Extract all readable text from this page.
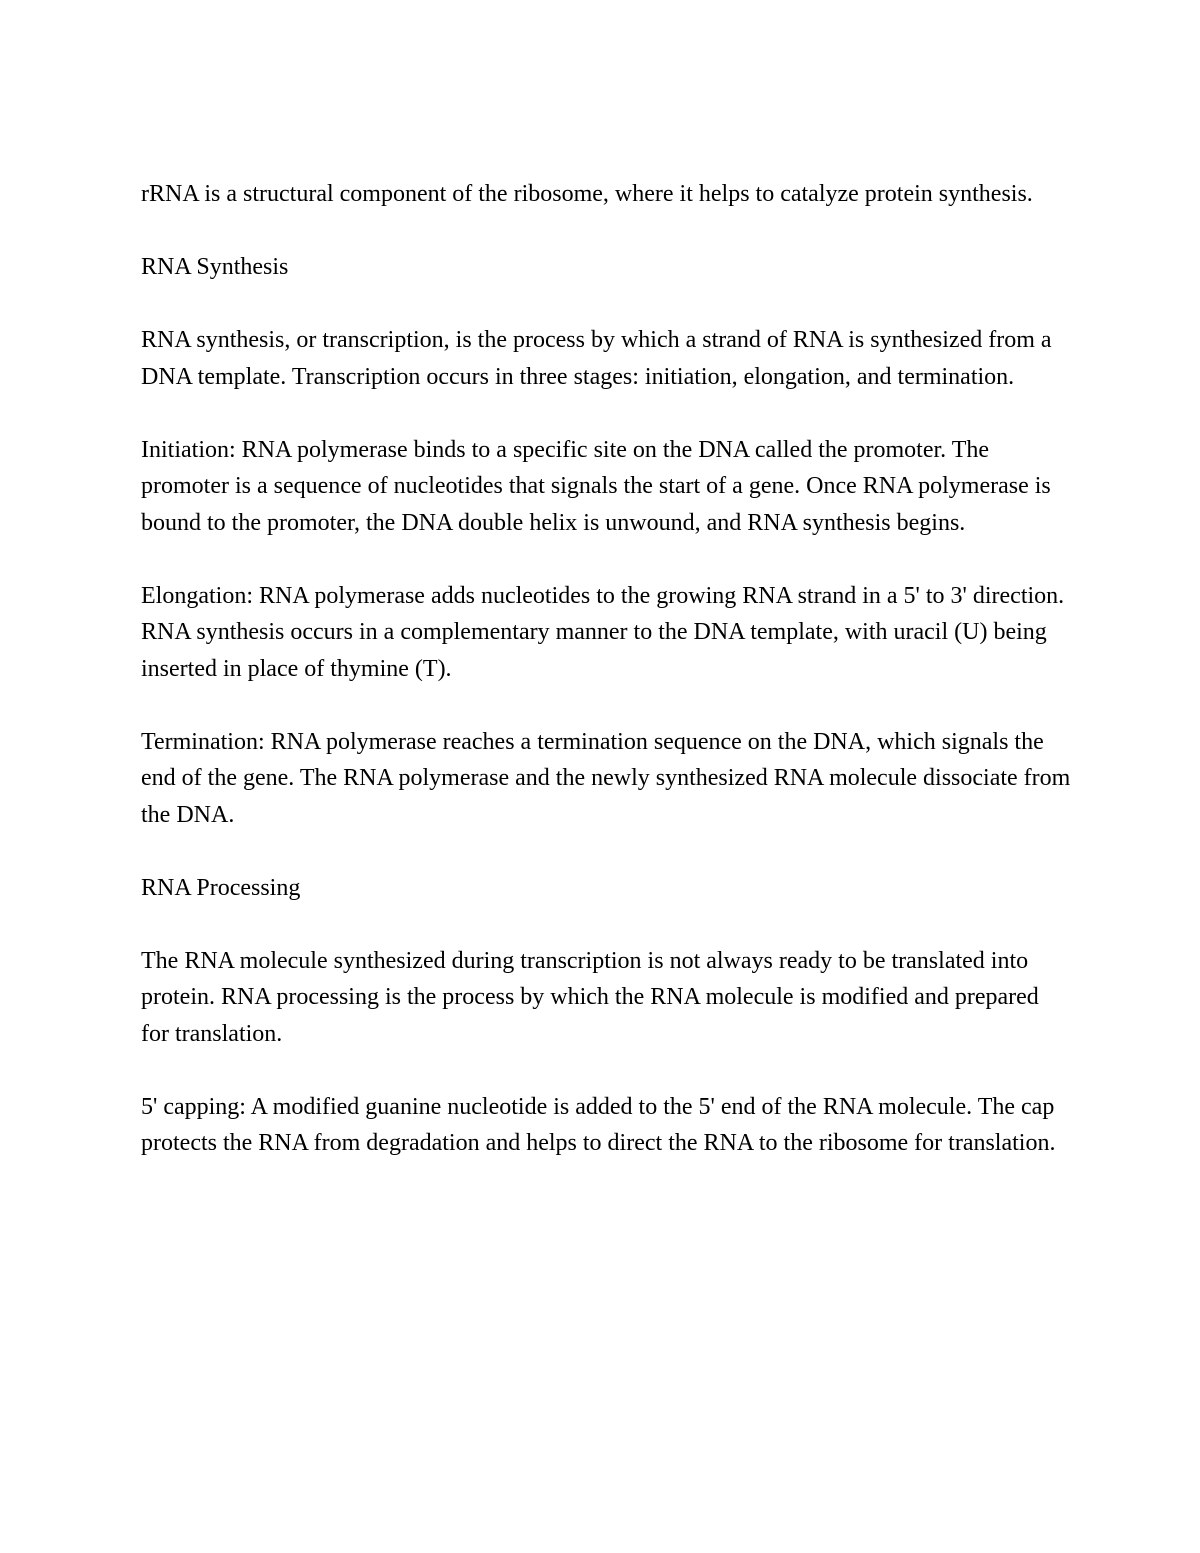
rRNA is a structural component of the ribosome, where it helps to catalyze protein synthesis.

RNA Synthesis

RNA synthesis, or transcription, is the process by which a strand of RNA is synthesized from a DNA template. Transcription occurs in three stages: initiation, elongation, and termination.

Initiation: RNA polymerase binds to a specific site on the DNA called the promoter. The promoter is a sequence of nucleotides that signals the start of a gene. Once RNA polymerase is bound to the promoter, the DNA double helix is unwound, and RNA synthesis begins.

Elongation: RNA polymerase adds nucleotides to the growing RNA strand in a 5' to 3' direction. RNA synthesis occurs in a complementary manner to the DNA template, with uracil (U) being inserted in place of thymine (T).

Termination: RNA polymerase reaches a termination sequence on the DNA, which signals the end of the gene. The RNA polymerase and the newly synthesized RNA molecule dissociate from the DNA.

RNA Processing

The RNA molecule synthesized during transcription is not always ready to be translated into protein. RNA processing is the process by which the RNA molecule is modified and prepared for translation.

5' capping: A modified guanine nucleotide is added to the 5' end of the RNA molecule. The cap protects the RNA from degradation and helps to direct the RNA to the ribosome for translation.
